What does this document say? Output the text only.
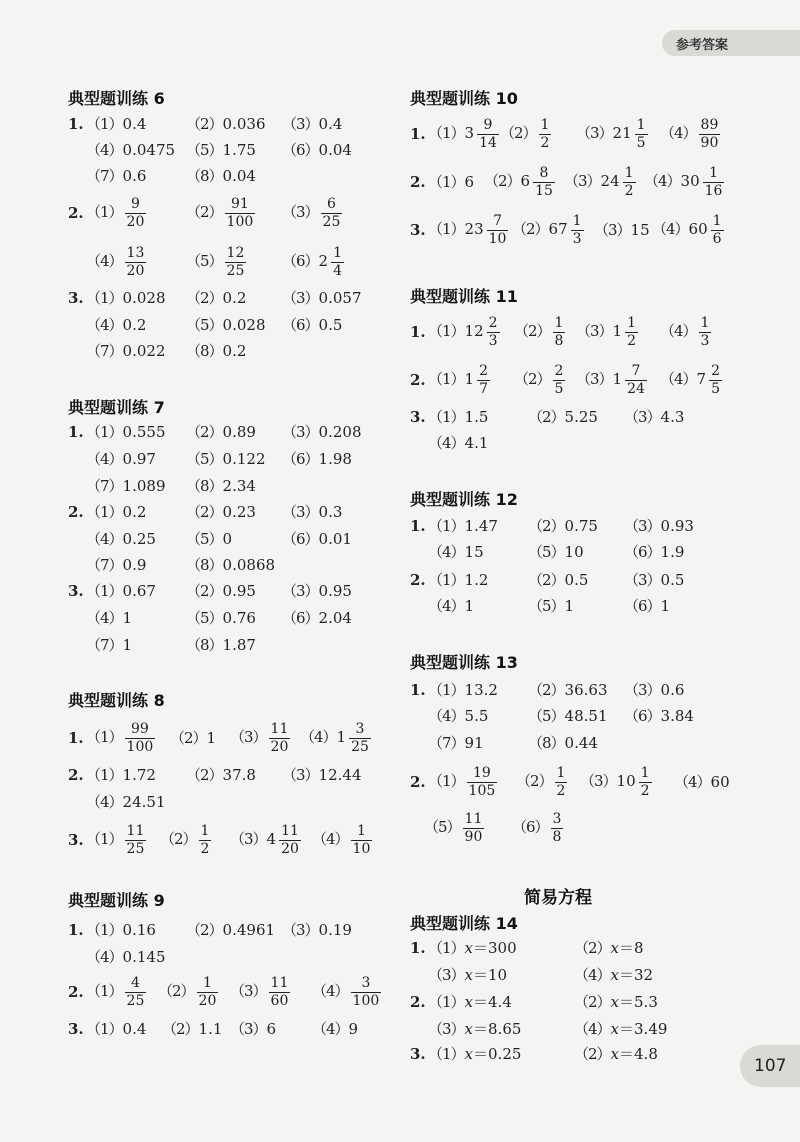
参考答案
107
典型题训练 6
1. （1）0.4	（2）0.036 （3）0.4
（4）0.0475 （5）1.75 （6）0.04
（7）0.6	（8）0.04
2. $(1) \frac{9}{20}$	$(2) \frac{91}{100} (3) \frac{6}{25}$
$(4) \frac{13}{20}$	$(5) \frac{12}{25} (6)2 \frac{1}{4}$
3. （1）0.028 （2）0.2 （3）0.057
（4）0.2	（5）0.028 （6）0.5
（7）0.022 （8）0.2
典型题训练 7
1. （1）0.555 （2）0.89 （3）0.208
（4）0.97 （5）0.122 （6）1.98
（7）1.089 （8）2.34
2. （1）0.2	（2）0.23 （3）0.3
（4）0.25 （5）0	（6）0.01
（7）0.9	（8）0.0868
3. （1）0.67 （2）0.95 （3）0.95
（4）1	（5）0.76 （6）2.04
（7）1	（8）1.87
典型题训练 8
1. $(1) \frac{99}{100} (2)1$ $(3) \frac{11}{20} (4)1 \frac{3}{25}$
2. （1）1.72 （2）37.8 （3）12.44
（4）24.51
3. $(1) \frac{11}{25} (2) \frac{1}{2} (3)4 \frac{11}{20} (4) \frac{1}{10}$
典型题训练 9
1. （1）0.16 （2）0.4961 （3）0.19
（4）0.145
2. $(1) \frac{4}{25} (2) \frac{1}{20} (3) \frac{11}{60} (4) \frac{3}{100}$
3. （1）0.4 （2）1.1 （3）6 （4）9
典型题训练 10
1. $(1)3 \frac{9}{14} (2) \frac{1}{2} (3)21 \frac{1}{5} (4) \frac{89}{90}$
2. （1）6 $(2)6 \frac{8}{15} (3)24 \frac{1}{2} (4)30 \frac{1}{16}$
3. $(1)23 \frac{7}{10} (2)67 \frac{1}{3} (3)15$ $(4)60 \frac{1}{6}$
典型题训练 11
1. $(1)12 \frac{2}{3} (2) \frac{1}{8} (3)1 \frac{1}{2} (4) \frac{1}{3}$
2. $(1)1 \frac{2}{7} (2) \frac{2}{5} (3)1 \frac{7}{24} (4)7 \frac{2}{5}$
3. （1）1.5	（2）5.25 （3）4.3
（4）4.1
典型题训练 12
1. （1）1.47 （2）0.75 （3）0.93
（4）15	（5）10	（6）1.9
2. （1）1.2	（2）0.5 （3）0.5
（4）1	（5）1	（6）1
典型题训练 13
1. （1）13.2 （2）36.63 （3）0.6
（4）5.5	（5）48.51 （6）3.84
（7）91	（8）0.44
2. $(1) \frac{19}{105} (2) \frac{1}{2} (3)10 \frac{1}{2} (4)60$
$(5) \frac{11}{90} (6) \frac{3}{8}$
简易方程
典型题训练 14
1. （1）x＝300	（2）x＝8
（3）x＝10	（4）x＝32
2. （1）x＝4.4	（2）x＝5.3
（3）x＝8.65	（4）x＝3.49
3. （1）x＝0.25	（2）x＝4.8
